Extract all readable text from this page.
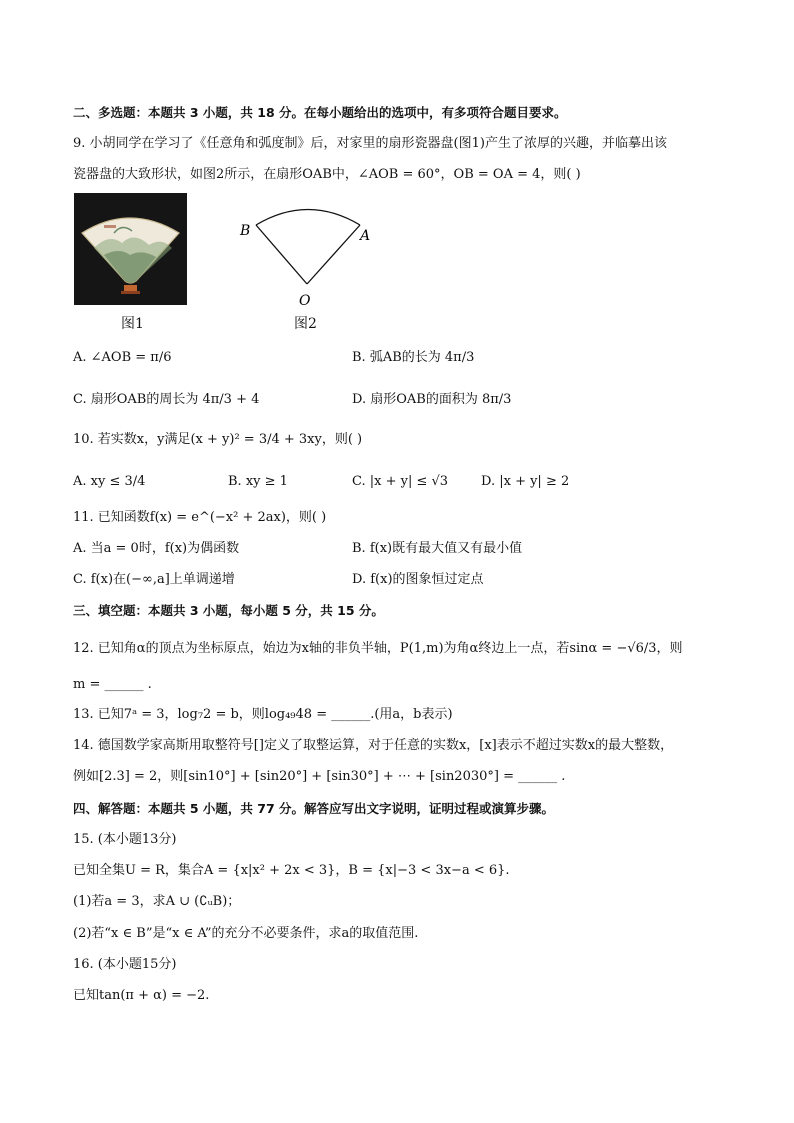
二、多选题：本题共 3 小题，共 18 分。在每小题给出的选项中，有多项符合题目要求。
9. 小胡同学在学习了《任意角和弧度制》后，对家里的扇形瓷器盘(图1)产生了浓厚的兴趣，并临摹出该
瓷器盘的大致形状，如图2所示，在扇形OAB中，∠AOB = 60°，OB = OA = 4，则( )
图1
B	A
O
图2
A. ∠AOB = π/6	B. 弧AB的长为 4π/3
C. 扇形OAB的周长为 4π/3 + 4	D. 扇形OAB的面积为 8π/3
10. 若实数x，y满足(x + y)² = 3/4 + 3xy，则( )
A. xy ≤ 3/4	B. xy ≥ 1	C. |x + y| ≤ √3	D. |x + y| ≥ 2
11. 已知函数f(x) = e^(−x² + 2ax)，则( )
A. 当a = 0时，f(x)为偶函数	B. f(x)既有最大值又有最小值
C. f(x)在(−∞,a]上单调递增	D. f(x)的图象恒过定点
三、填空题：本题共 3 小题，每小题 5 分，共 15 分。
12. 已知角α的顶点为坐标原点，始边为x轴的非负半轴，P(1,m)为角α终边上一点，若sinα = −√6/3，则
m = ______ .
13. 已知7ᵃ = 3，log₇2 = b，则log₄₉48 = ______.(用a，b表示)
14. 德国数学家高斯用取整符号[]定义了取整运算，对于任意的实数x，[x]表示不超过实数x的最大整数，
例如[2.3] = 2，则[sin10°] + [sin20°] + [sin30°] + ⋯ + [sin2030°] = ______ .
四、解答题：本题共 5 小题，共 77 分。解答应写出文字说明，证明过程或演算步骤。
15. (本小题13分)
已知全集U = R，集合A = {x|x² + 2x < 3}，B = {x|−3 < 3x−a < 6}.
(1)若a = 3，求A ∪ (∁ᵤB)；
(2)若“x ∈ B”是“x ∈ A”的充分不必要条件，求a的取值范围.
16. (本小题15分)
已知tan(π + α) = −2.
